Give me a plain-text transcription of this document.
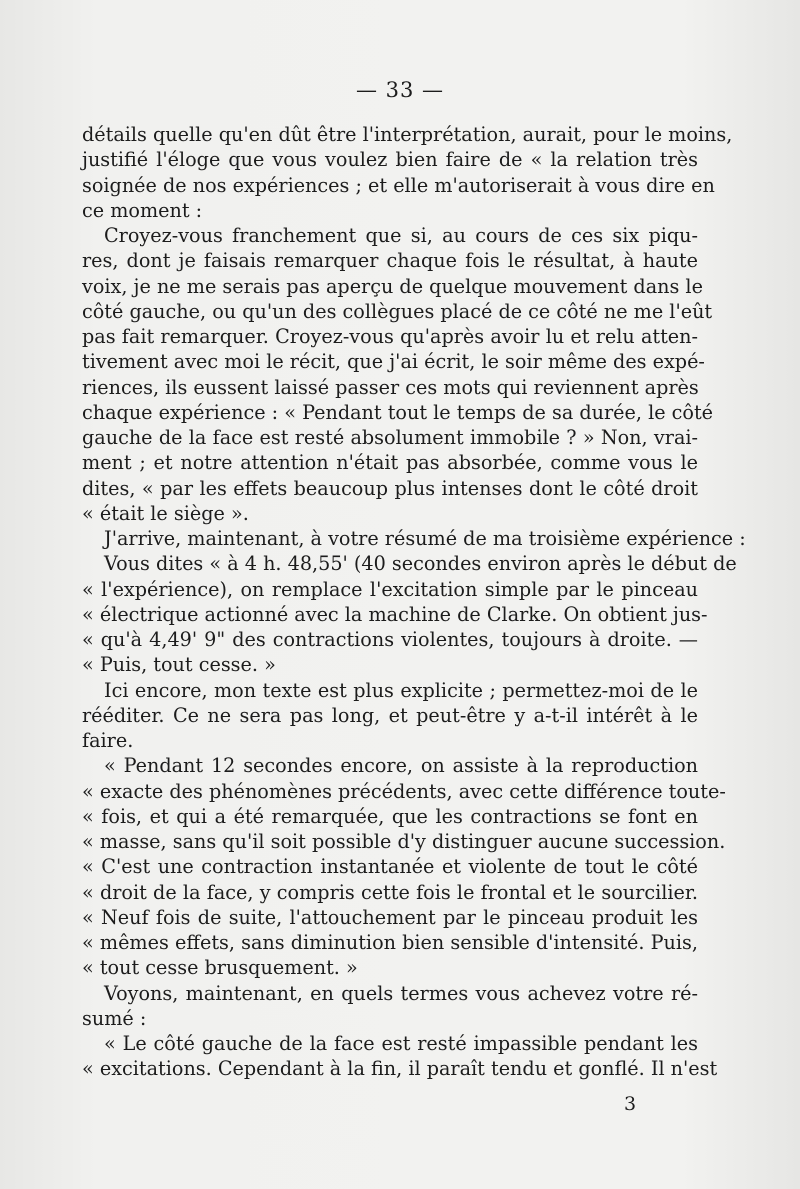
— 33 —
détails quelle qu'en dût être l'interprétation, aurait, pour le moins,
justifié l'éloge que vous voulez bien faire de « la relation très
soignée de nos expériences ; et elle m'autoriserait à vous dire en
ce moment :
Croyez-vous franchement que si, au cours de ces six piqu-
res, dont je faisais remarquer chaque fois le résultat, à haute
voix, je ne me serais pas aperçu de quelque mouvement dans le
côté gauche, ou qu'un des collègues placé de ce côté ne me l'eût
pas fait remarquer. Croyez-vous qu'après avoir lu et relu atten-
tivement avec moi le récit, que j'ai écrit, le soir même des expé-
riences, ils eussent laissé passer ces mots qui reviennent après
chaque expérience : « Pendant tout le temps de sa durée, le côté
gauche de la face est resté absolument immobile ? » Non, vrai-
ment ; et notre attention n'était pas absorbée, comme vous le
dites, « par les effets beaucoup plus intenses dont le côté droit
« était le siège ».
J'arrive, maintenant, à votre résumé de ma troisième expérience :
Vous dites « à 4 h. 48,55' (40 secondes environ après le début de
« l'expérience), on remplace l'excitation simple par le pinceau
« électrique actionné avec la machine de Clarke. On obtient jus-
« qu'à 4,49' 9" des contractions violentes, toujours à droite. —
« Puis, tout cesse. »
Ici encore, mon texte est plus explicite ; permettez-moi de le
rééditer. Ce ne sera pas long, et peut-être y a-t-il intérêt à le
faire.
« Pendant 12 secondes encore, on assiste à la reproduction
« exacte des phénomènes précédents, avec cette différence toute-
« fois, et qui a été remarquée, que les contractions se font en
« masse, sans qu'il soit possible d'y distinguer aucune succession.
« C'est une contraction instantanée et violente de tout le côté
« droit de la face, y compris cette fois le frontal et le sourcilier.
« Neuf fois de suite, l'attouchement par le pinceau produit les
« mêmes effets, sans diminution bien sensible d'intensité. Puis,
« tout cesse brusquement. »
Voyons, maintenant, en quels termes vous achevez votre ré-
sumé :
« Le côté gauche de la face est resté impassible pendant les
« excitations. Cependant à la fin, il paraît tendu et gonflé. Il n'est
3
